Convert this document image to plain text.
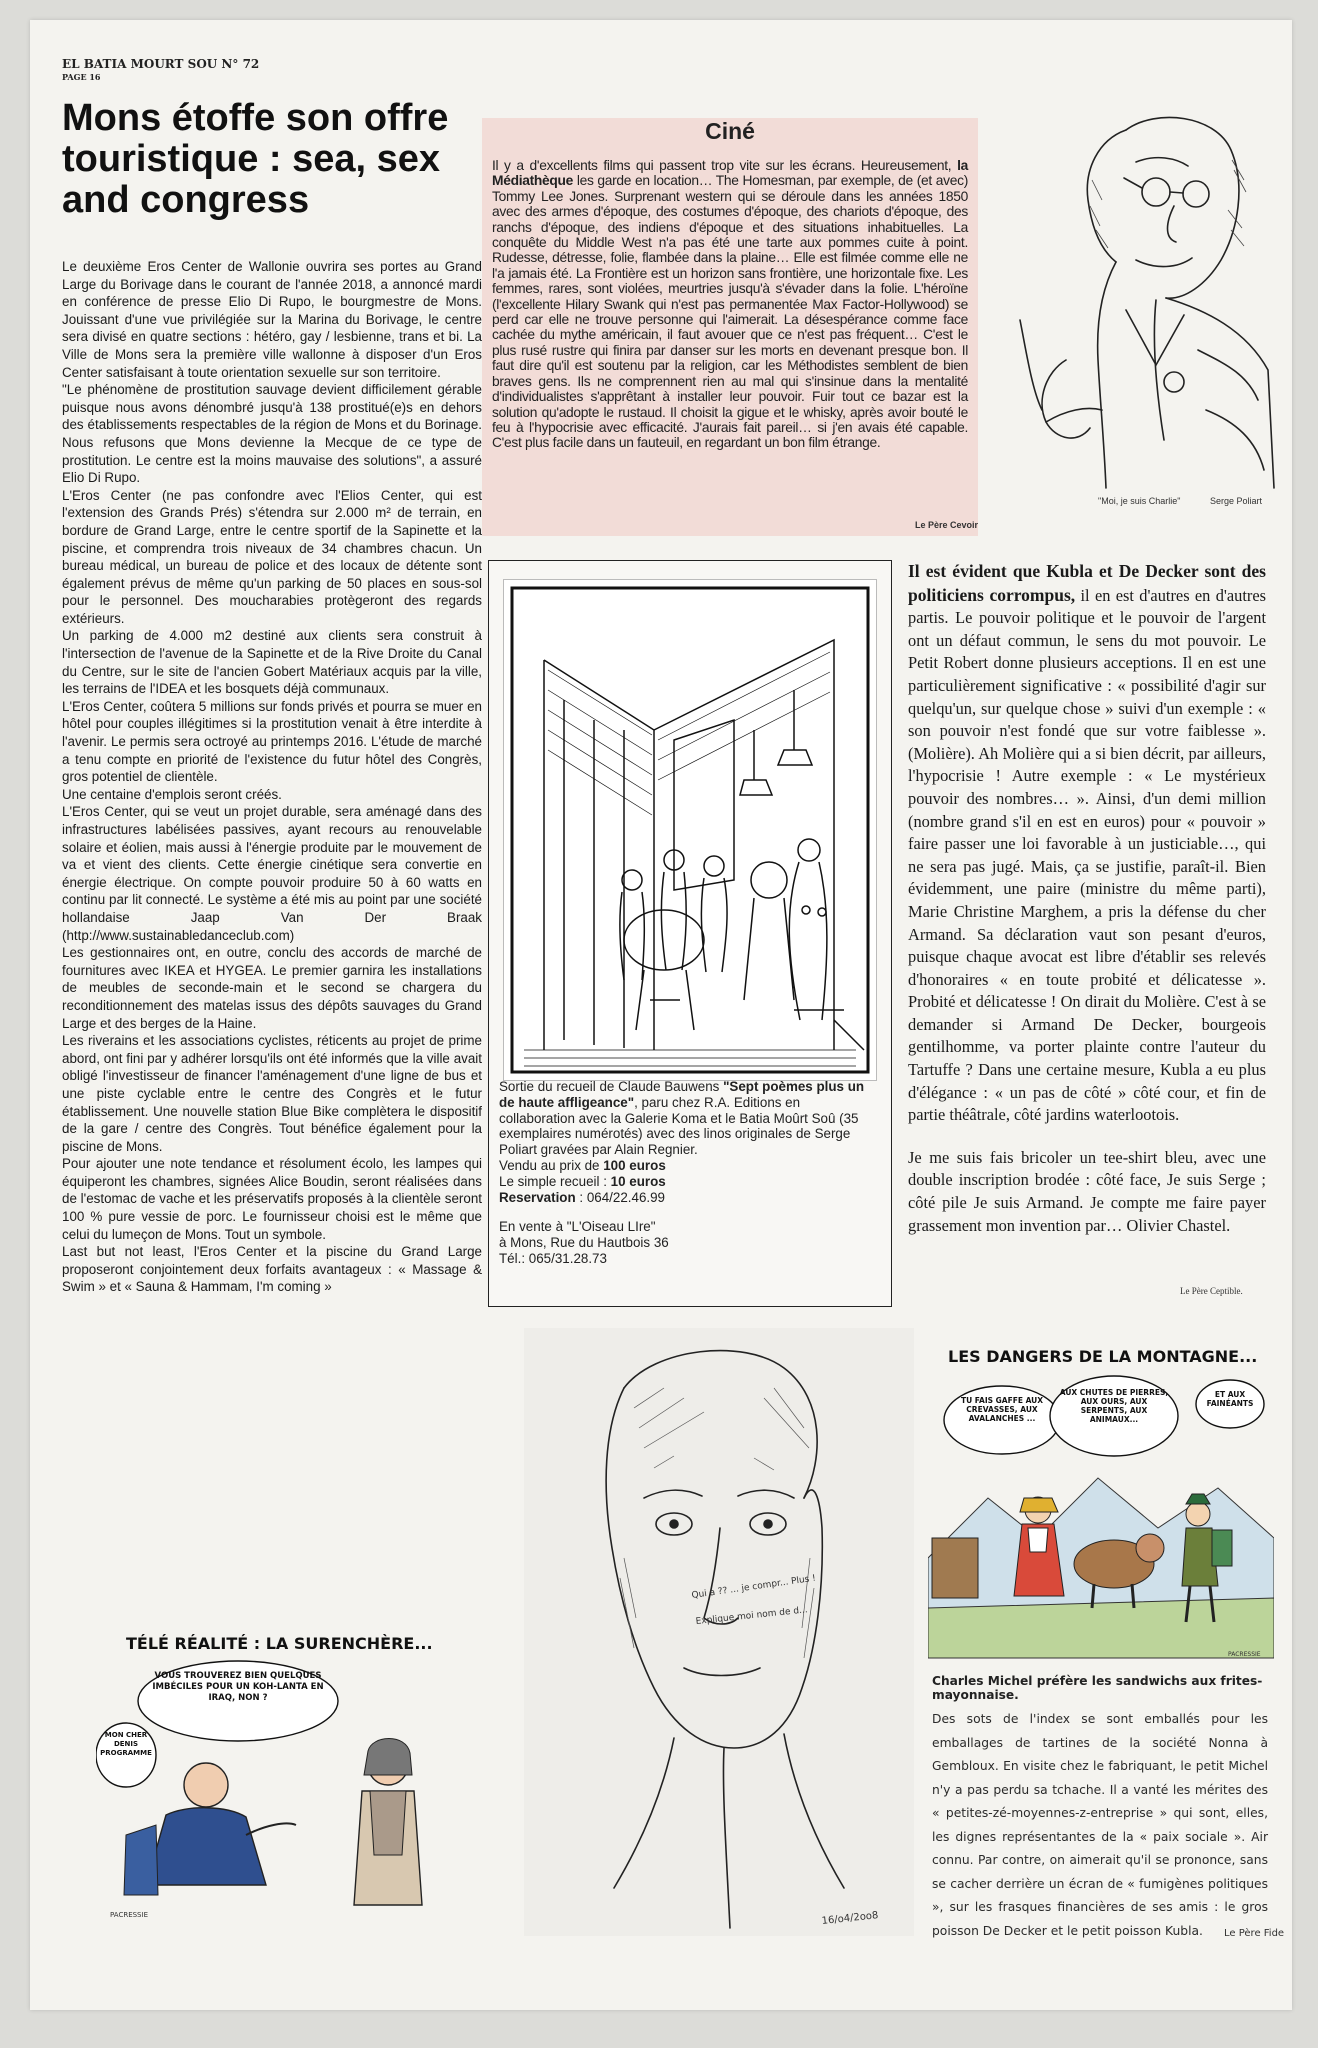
EL BATIA MOURT SOU N° 72
PAGE 16
Mons étoffe son offre touristique : sea, sex and congress

Le deuxième Eros Center de Wallonie ouvrira ses portes au Grand Large du Borivage dans le courant de l'année 2018, a annoncé mardi en conférence de presse Elio Di Rupo, le bourgmestre de Mons. Jouissant d'une vue privilégiée sur la Marina du Borivage, le centre sera divisé en quatre sections : hétéro, gay / lesbienne, trans et bi. La Ville de Mons sera la première ville wallonne à disposer d'un Eros Center satisfaisant à toute orientation sexuelle sur son territoire.

"Le phénomène de prostitution sauvage devient difficilement gérable puisque nous avons dénombré jusqu'à 138 prostitué(e)s en dehors des établissements respectables de la région de Mons et du Borinage. Nous refusons que Mons devienne la Mecque de ce type de prostitution. Le centre est la moins mauvaise des solutions", a assuré Elio Di Rupo.

L'Eros Center (ne pas confondre avec l'Elios Center, qui est l'extension des Grands Prés) s'étendra sur 2.000 m² de terrain, en bordure de Grand Large, entre le centre sportif de la Sapinette et la piscine, et comprendra trois niveaux de 34 chambres chacun. Un bureau médical, un bureau de police et des locaux de détente sont également prévus de même qu'un parking de 50 places en sous-sol pour le personnel. Des moucharabies protègeront des regards extérieurs.

Un parking de 4.000 m2 destiné aux clients sera construit à l'intersection de l'avenue de la Sapinette et de la Rive Droite du Canal du Centre, sur le site de l'ancien Gobert Matériaux acquis par la ville, les terrains de l'IDEA et les bosquets déjà communaux.

L'Eros Center, coûtera 5 millions sur fonds privés et pourra se muer en hôtel pour couples illégitimes si la prostitution venait à être interdite à l'avenir. Le permis sera octroyé au printemps 2016. L'étude de marché a tenu compte en priorité de l'existence du futur hôtel des Congrès, gros potentiel de clientèle.

Une centaine d'emplois seront créés.

L'Eros Center, qui se veut un projet durable, sera aménagé dans des infrastructures labélisées passives, ayant recours au renouvelable solaire et éolien, mais aussi à l'énergie produite par le mouvement de va et vient des clients. Cette énergie cinétique sera convertie en énergie électrique. On compte pouvoir produire 50 à 60 watts en continu par lit connecté. Le système a été mis au point par une société hollandaise Jaap Van Der Braak (http://www.sustainabledanceclub.com)

Les gestionnaires ont, en outre, conclu des accords de marché de fournitures avec IKEA et HYGEA. Le premier garnira les installations de meubles de seconde-main et le second se chargera du reconditionnement des matelas issus des dépôts sauvages du Grand Large et des berges de la Haine.

Les riverains et les associations cyclistes, réticents au projet de prime abord, ont fini par y adhérer lorsqu'ils ont été informés que la ville avait obligé l'investisseur de financer l'aménagement d'une ligne de bus et une piste cyclable entre le centre des Congrès et le futur établissement. Une nouvelle station Blue Bike complètera le dispositif de la gare / centre des Congrès. Tout bénéfice également pour la piscine de Mons.

Pour ajouter une note tendance et résolument écolo, les lampes qui équiperont les chambres, signées Alice Boudin, seront réalisées dans de l'estomac de vache et les préservatifs proposés à la clientèle seront 100 % pure vessie de porc. Le fournisseur choisi est le même que celui du lumeçon de Mons. Tout un symbole.

Last but not least, l'Eros Center et la piscine du Grand Large proposeront conjointement deux forfaits avantageux : « Massage & Swim » et « Sauna & Hammam, I'm coming »

Ciné

Il y a d'excellents films qui passent trop vite sur les écrans. Heureusement, la Médiathèque les garde en location… The Homesman, par exemple, de (et avec) Tommy Lee Jones. Surprenant western qui se déroule dans les années 1850 avec des armes d'époque, des costumes d'époque, des chariots d'époque, des ranchs d'époque, des indiens d'époque et des situations inhabituelles. La conquête du Middle West n'a pas été une tarte aux pommes cuite à point. Rudesse, détresse, folie, flambée dans la plaine… Elle est filmée comme elle ne l'a jamais été. La Frontière est un horizon sans frontière, une horizontale fixe. Les femmes, rares, sont violées, meurtries jusqu'à s'évader dans la folie. L'héroïne (l'excellente Hilary Swank qui n'est pas permanentée Max Factor-Hollywood) se perd car elle ne trouve personne qui l'aimerait. La désespérance comme face cachée du mythe américain, il faut avouer que ce n'est pas fréquent… C'est le plus rusé rustre qui finira par danser sur les morts en devenant presque bon. Il faut dire qu'il est soutenu par la religion, car les Méthodistes semblent de bien braves gens. Ils ne comprennent rien au mal qui s'insinue dans la mentalité d'individualistes s'apprêtant à installer leur pouvoir. Fuir tout ce bazar est la solution qu'adopte le rustaud. Il choisit la gigue et le whisky, après avoir bouté le feu à l'hypocrisie avec efficacité. J'aurais fait pareil… si j'en avais été capable. C'est plus facile dans un fauteuil, en regardant un bon film étrange.

Le Père Cevoir
"Moi, je suis Charlie"	Serge Poliart

Sortie du recueil de Claude Bauwens "Sept poèmes plus un de haute affligeance", paru chez R.A. Editions en collaboration avec la Galerie Koma et le Batia Moûrt Soû (35 exemplaires numérotés) avec des linos originales de Serge Poliart gravées par Alain Regnier.

Vendu au prix de 100 euros

Le simple recueil : 10 euros

Reservation : 064/22.46.99

En vente à "L'Oiseau LIre"

à Mons, Rue du Hautbois 36

Tél.: 065/31.28.73

Il est évident que Kubla et De Decker sont des politiciens corrompus, il en est d'autres en d'autres partis. Le pouvoir politique et le pouvoir de l'argent ont un défaut commun, le sens du mot pouvoir. Le Petit Robert donne plusieurs acceptions. Il en est une particulièrement significative : « possibilité d'agir sur quelqu'un, sur quelque chose » suivi d'un exemple : « son pouvoir n'est fondé que sur votre faiblesse ». (Molière). Ah Molière qui a si bien décrit, par ailleurs, l'hypocrisie ! Autre exemple : « Le mystérieux pouvoir des nombres… ». Ainsi, d'un demi million (nombre grand s'il en est en euros) pour « pouvoir » faire passer une loi favorable à un justiciable…, qui ne sera pas jugé. Mais, ça se justifie, paraît-il. Bien évidemment, une paire (ministre du même parti), Marie Christine Marghem, a pris la défense du cher Armand. Sa déclaration vaut son pesant d'euros, puisque chaque avocat est libre d'établir ses relevés d'honoraires « en toute probité et délicatesse ». Probité et délicatesse ! On dirait du Molière. C'est à se demander si Armand De Decker, bourgeois gentilhomme, va porter plainte contre l'auteur du Tartuffe ? Dans une certaine mesure, Kubla a eu plus d'élégance : « un pas de côté » côté cour, et fin de partie théâtrale, côté jardins waterlootois.

Je me suis fais bricoler un tee-shirt bleu, avec une double inscription brodée : côté face, Je suis Serge ; côté pile Je suis Armand. Je compte me faire payer grassement mon invention par… Olivier Chastel.

Le Père Ceptible.
Qui a ?? ... je compr... Plus !
Explique moi nom de d...
16/o4/2oo8
LES DANGERS DE LA MONTAGNE...
TU FAIS GAFFE AUX CREVASSES, AUX AVALANCHES ...
AUX CHUTES DE PIERRES, AUX OURS, AUX SERPENTS, AUX ANIMAUX...
ET AUX FAINÉANTS
PACRESSIE
Charles Michel préfère les sandwichs aux frites-mayonnaise.

Des sots de l'index se sont emballés pour les emballages de tartines de la société Nonna à Gembloux. En visite chez le fabriquant, le petit Michel n'y a pas perdu sa tchache. Il a vanté les mérites des « petites-zé-moyennes-z-entreprise » qui sont, elles, les dignes représentantes de la « paix sociale ». Air connu. Par contre, on aimerait qu'il se prononce, sans se cacher derrière un écran de « fumigènes politiques », sur les frasques financières de ses amis : le gros poisson De Decker et le petit poisson Kubla.	Le Père Fide
TÉLÉ RÉALITÉ : LA SURENCHÈRE...
VOUS TROUVEREZ BIEN QUELQUES IMBÉCILES POUR UN KOH-LANTA EN IRAQ, NON ?
MON CHER DENIS PROGRAMME
PACRESSIE
